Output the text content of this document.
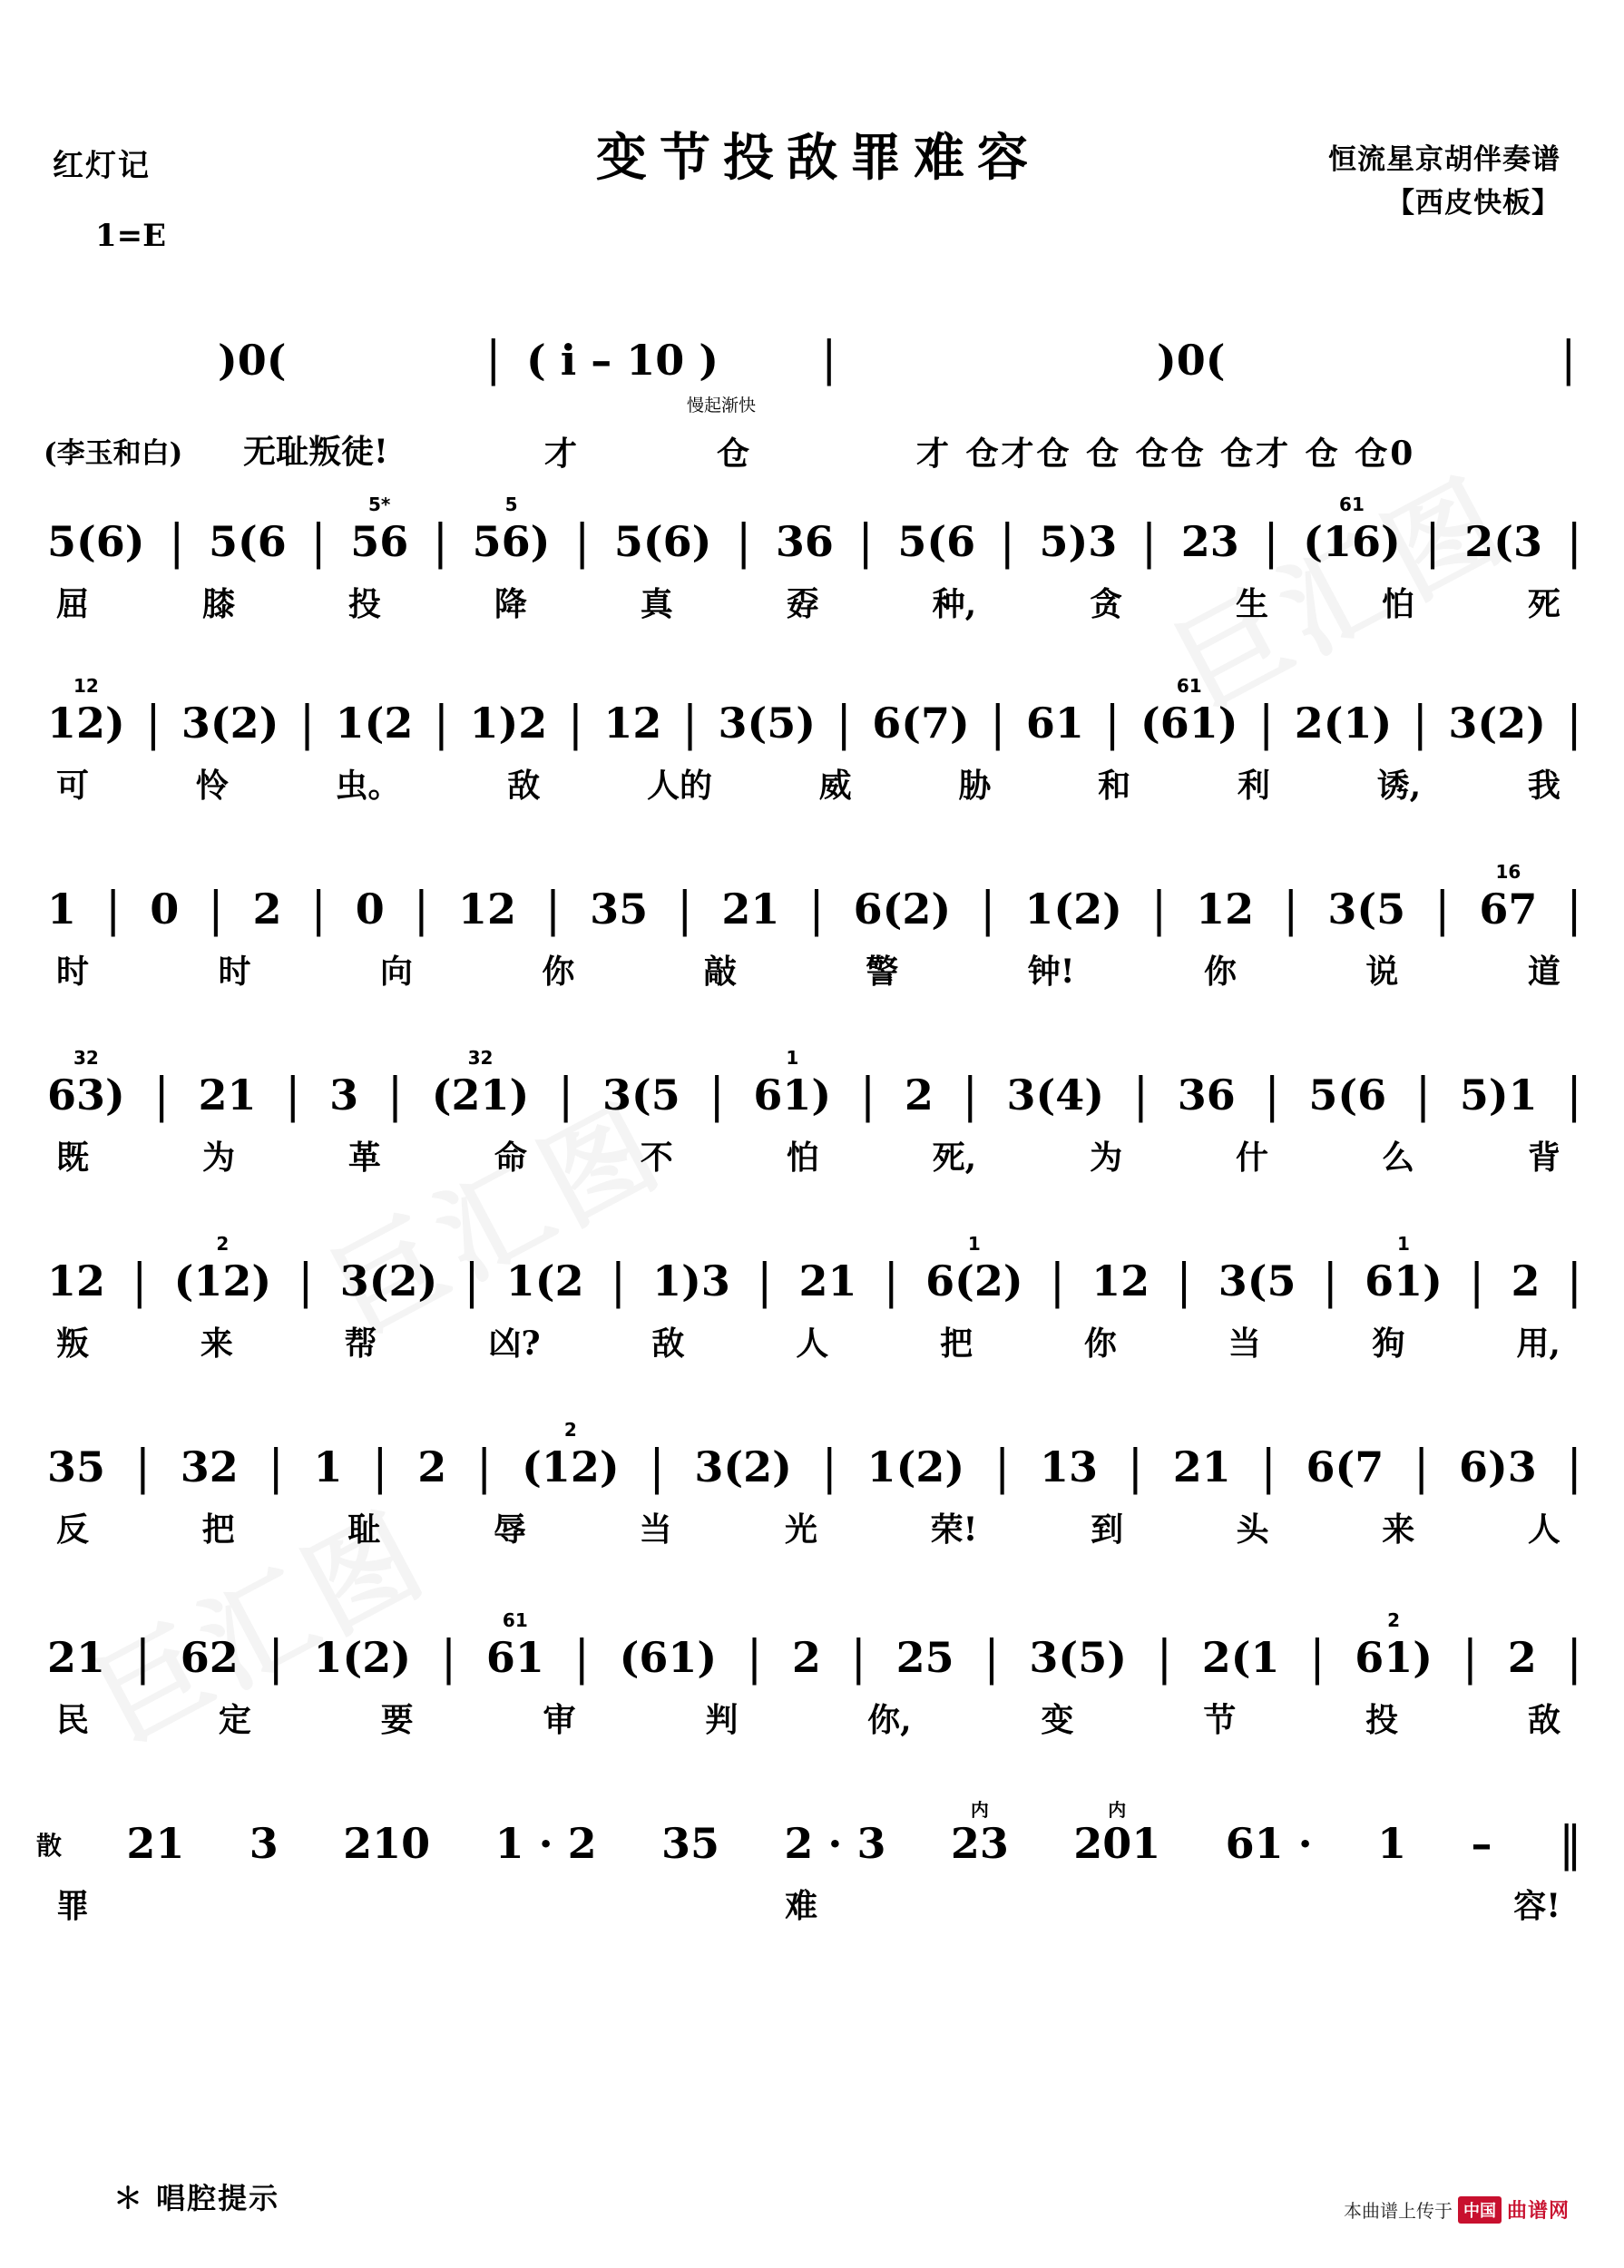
红灯记
1=E
变节投敌罪难容	恒流星京胡伴奏谱
【西皮快板】
)0(	| ( i – 10 ) |	)0(	|
慢起渐快
(李玉和白) 无耻叛徒!	才	仓	才 仓才仓 仓 仓仓 仓才 仓 仓0
5(6) | 5(6 | 56
5*
| 56)
5
| 5(6) | 36 | 5(6 | 5)3 | 23 | (16)
61
| 2(3 |
屈	膝	投	降	真	孬	种,	贪	生	怕	死
12)
12
| 3(2) | 1(2 | 1)2 | 12 | 3(5) | 6(7) | 61 | (61)
61
| 2(1) | 3(2) |
可	怜	虫。	敌	人的	威	胁	和	利	诱,	我
1 | 0 | 2 | 0 | 12 | 35 | 21 | 6(2) | 1(2) | 12 | 3(5 | 67
16
|
时	时	向	你	敲	警	钟!	你	说	道
63)
32
| 21 | 3 | (21)
32
| 3(5 | 61)
1
| 2 | 3(4) | 36 | 5(6 | 5)1 |
既	为	革	命	不	怕	死,	为	什	么	背
12 | (12)
2
| 3(2) | 1(2 | 1)3 | 21 | 6(2)
1
| 12 | 3(5 | 61)
1
| 2 |
叛	来	帮	凶?	敌	人	把	你	当	狗	用,
35 | 32 | 1 | 2 | (12)
2
| 3(2) | 1(2) | 13 | 21 | 6(7 | 6)3 |
反	把	耻	辱	当	光	荣!	到	头	来	人
21 | 62 | 1(2) | 61
61
| (61) | 2 | 25 | 3(5) | 2(1 | 61)
2
| 2 |
民	定	要	审	判	你,	变	节	投	敌
散 21 3 210 1 · 2 35 2 · 3 23
内
201
内
61 · 1 – ‖
罪	难	容!
＊ 唱腔提示	本曲谱上传于 中国 曲谱网
